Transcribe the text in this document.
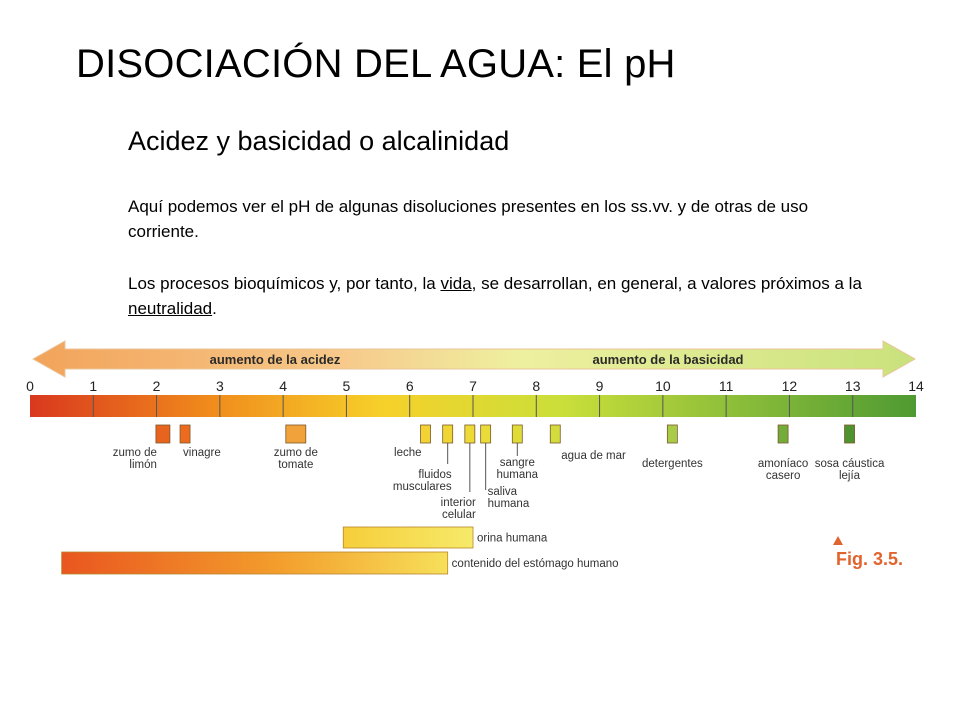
DISOCIACIÓN DEL AGUA: El pH
Acidez y basicidad o alcalinidad

Aquí podemos ver el pH de algunas disoluciones presentes en los ss.vv. y de otras de uso corriente.

Los procesos bioquímicos y, por tanto, la vida, se desarrollan, en general, a valores próximos a la neutralidad.

aumento de la acidez	aumento de la basicidad
0	1	2	3	4	5	6	7	8	9	10	11	12	13	14
zumo de limón
vinagre	zumo de tomate
leche
fluidos musculares
interior celular
saliva humana
sangre humana
agua de mar
detergentes	amoníaco casero
sosa cáustica lejía
orina humana
contenido del estómago humano	Fig. 3.5.
